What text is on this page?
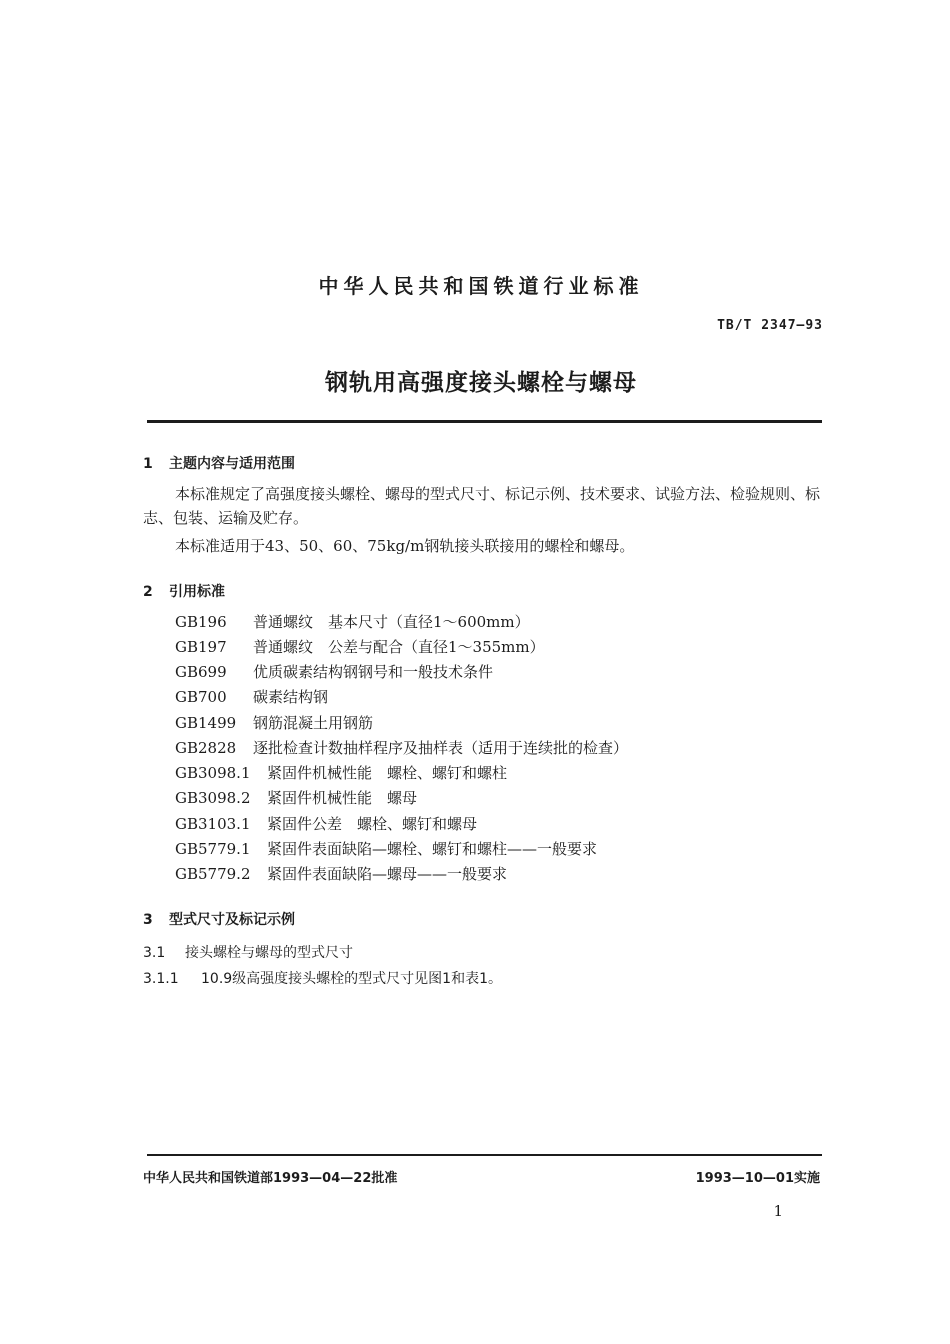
中华人民共和国铁道行业标准
TB/T 2347—93
钢轨用高强度接头螺栓与螺母
1 主题内容与适用范围
本标准规定了高强度接头螺栓、螺母的型式尺寸、标记示例、技术要求、试验方法、检验规则、标志、包装、运输及贮存。
本标准适用于43、50、60、75kg/m钢轨接头联接用的螺栓和螺母。
2 引用标准
GB196 普通螺纹　基本尺寸（直径1～600mm）
GB197 普通螺纹　公差与配合（直径1～355mm）
GB699 优质碳素结构钢钢号和一般技术条件
GB700 碳素结构钢
GB1499 钢筋混凝土用钢筋
GB2828 逐批检查计数抽样程序及抽样表（适用于连续批的检查）
GB3098.1 紧固件机械性能　螺栓、螺钉和螺柱
GB3098.2 紧固件机械性能　螺母
GB3103.1 紧固件公差　螺栓、螺钉和螺母
GB5779.1 紧固件表面缺陷—螺栓、螺钉和螺柱——一般要求
GB5779.2 紧固件表面缺陷—螺母——一般要求
3 型式尺寸及标记示例
3.1 接头螺栓与螺母的型式尺寸
3.1.1 10.9级高强度接头螺栓的型式尺寸见图1和表1。
中华人民共和国铁道部1993—04—22批准	1993—10—01实施
1
